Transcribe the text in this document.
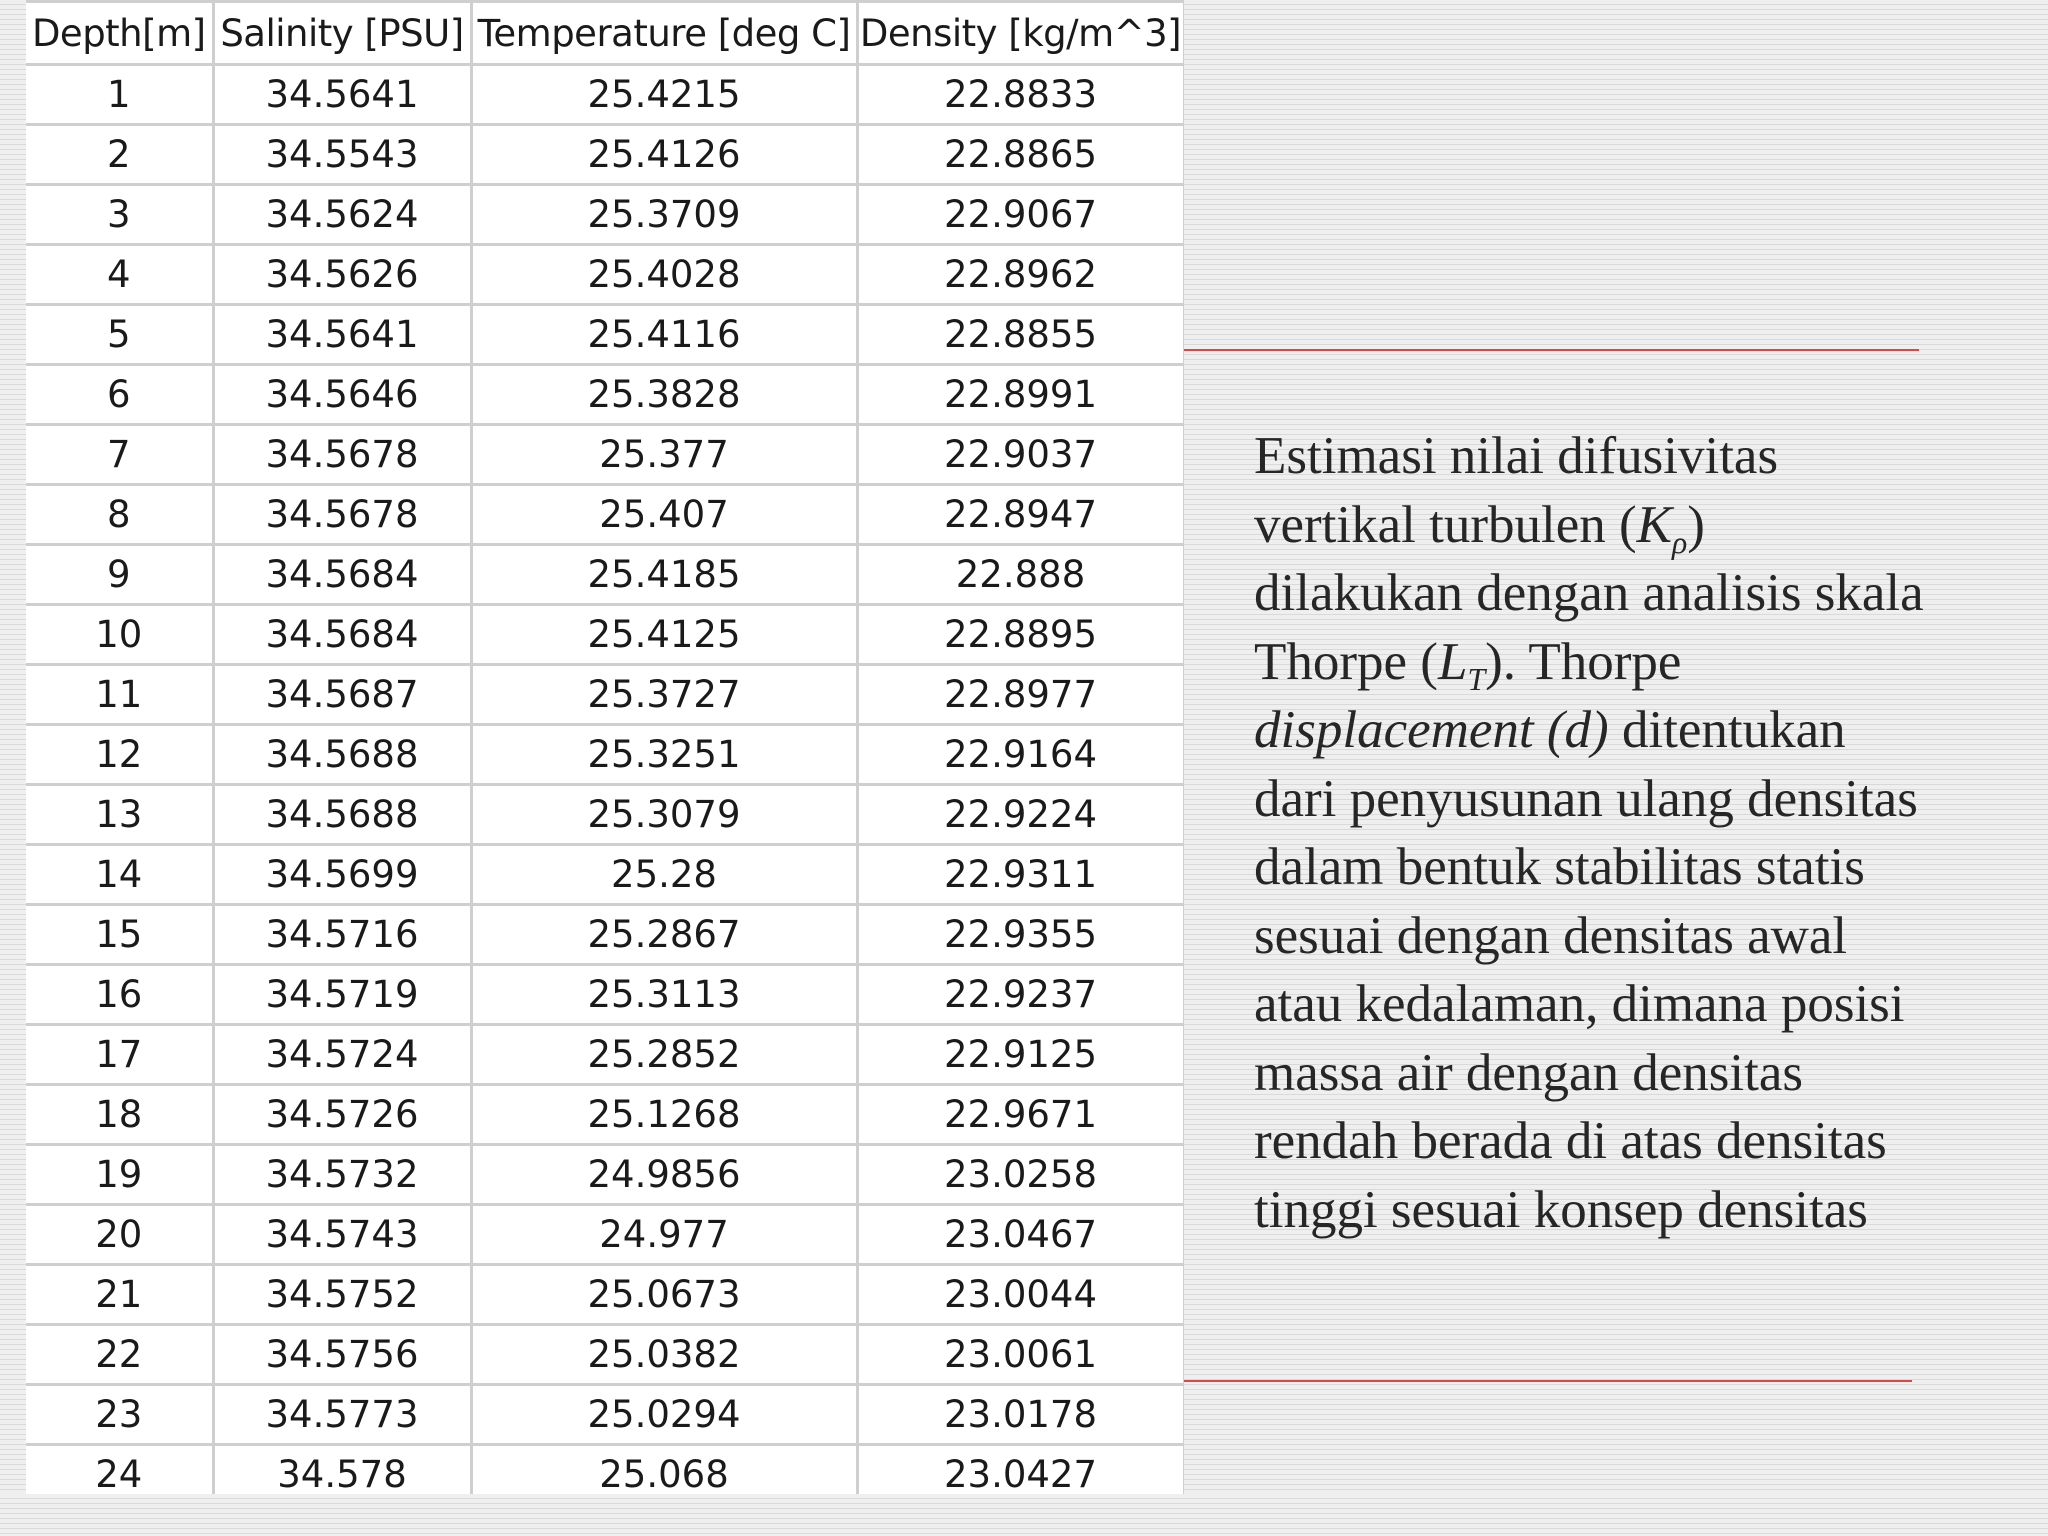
Depth[m]	Salinity [PSU]	Temperature [deg C]	Density [kg/m^3]
1	34.5641	25.4215	22.8833
2	34.5543	25.4126	22.8865
3	34.5624	25.3709	22.9067
4	34.5626	25.4028	22.8962
5	34.5641	25.4116	22.8855
6	34.5646	25.3828	22.8991
7	34.5678	25.377	22.9037
8	34.5678	25.407	22.8947
9	34.5684	25.4185	22.888
10	34.5684	25.4125	22.8895
11	34.5687	25.3727	22.8977
12	34.5688	25.3251	22.9164
13	34.5688	25.3079	22.9224
14	34.5699	25.28	22.9311
15	34.5716	25.2867	22.9355
16	34.5719	25.3113	22.9237
17	34.5724	25.2852	22.9125
18	34.5726	25.1268	22.9671
19	34.5732	24.9856	23.0258
20	34.5743	24.977	23.0467
21	34.5752	25.0673	23.0044
22	34.5756	25.0382	23.0061
23	34.5773	25.0294	23.0178
24	34.578	25.068	23.0427

Estimasi nilai difusivitas
vertikal turbulen $(K_\rho)$
dilakukan dengan analisis skala
Thorpe $(L_T)$. Thorpe
displacement (d) ditentukan
dari penyusunan ulang densitas
dalam bentuk stabilitas statis
sesuai dengan densitas awal
atau kedalaman, dimana posisi
massa air dengan densitas
rendah berada di atas densitas
tinggi sesuai konsep densitas
